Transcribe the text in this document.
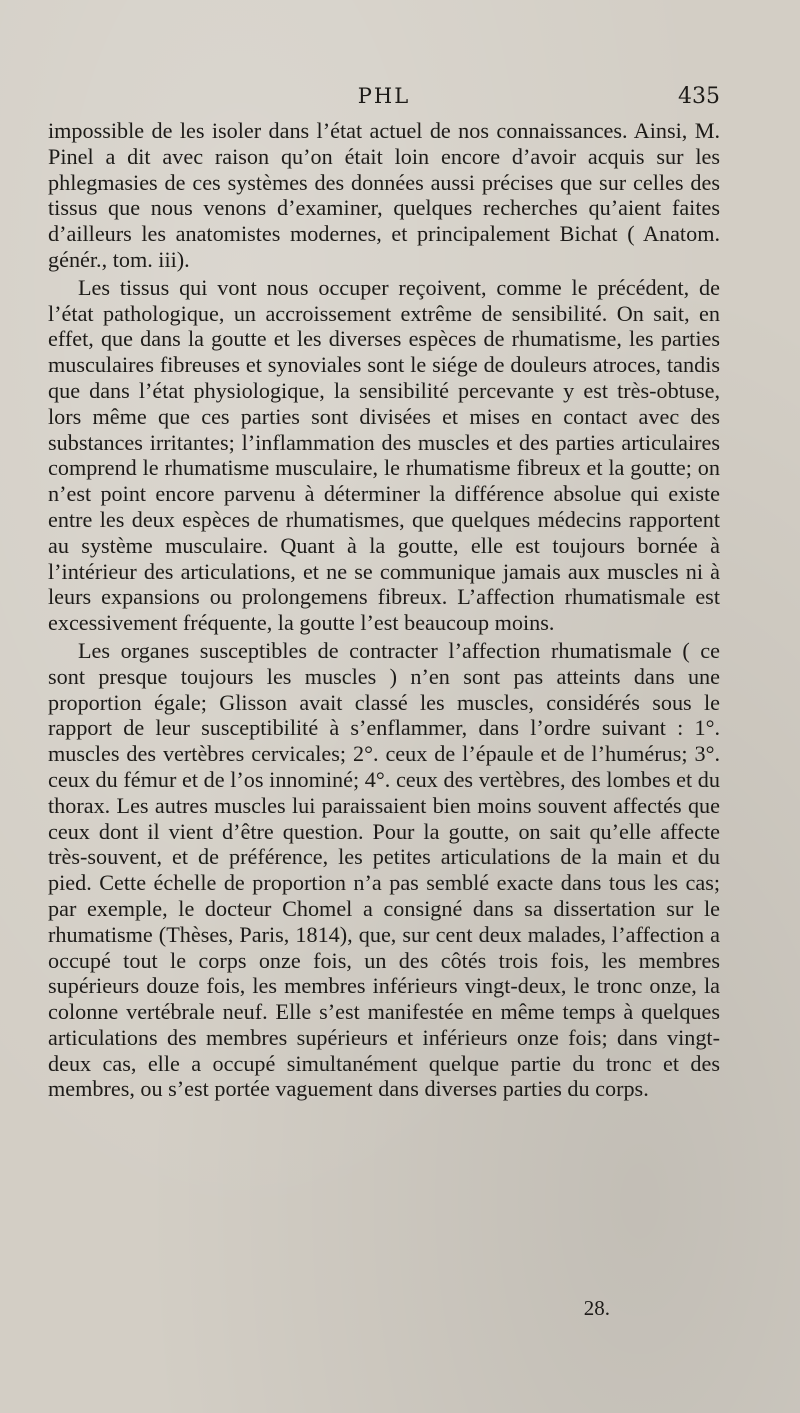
PHL	435

impossible de les isoler dans l’état actuel de nos connaissances. Ainsi, M. Pinel a dit avec raison qu’on était loin encore d’avoir acquis sur les phlegmasies de ces systèmes des données aussi précises que sur celles des tissus que nous venons d’examiner, quelques recherches qu’aient faites d’ailleurs les anatomistes modernes, et principalement Bichat ( Anatom. génér., tom. iii).

Les tissus qui vont nous occuper reçoivent, comme le précédent, de l’état pathologique, un accroissement extrême de sensibilité. On sait, en effet, que dans la goutte et les diverses espèces de rhumatisme, les parties musculaires fibreuses et synoviales sont le siége de douleurs atroces, tandis que dans l’état physiologique, la sensibilité percevante y est très-obtuse, lors même que ces parties sont divisées et mises en contact avec des substances irritantes; l’inflammation des muscles et des parties articulaires comprend le rhumatisme musculaire, le rhumatisme fibreux et la goutte; on n’est point encore parvenu à déterminer la différence absolue qui existe entre les deux espèces de rhumatismes, que quelques médecins rapportent au système musculaire. Quant à la goutte, elle est toujours bornée à l’intérieur des articulations, et ne se communique jamais aux muscles ni à leurs expansions ou prolongemens fibreux. L’affection rhumatismale est excessivement fréquente, la goutte l’est beaucoup moins.

Les organes susceptibles de contracter l’affection rhumatismale ( ce sont presque toujours les muscles ) n’en sont pas atteints dans une proportion égale; Glisson avait classé les muscles, considérés sous le rapport de leur susceptibilité à s’enflammer, dans l’ordre suivant : 1°. muscles des vertèbres cervicales; 2°. ceux de l’épaule et de l’humérus; 3°. ceux du fémur et de l’os innominé; 4°. ceux des vertèbres, des lombes et du thorax. Les autres muscles lui paraissaient bien moins souvent affectés que ceux dont il vient d’être question. Pour la goutte, on sait qu’elle affecte très-souvent, et de préférence, les petites articulations de la main et du pied. Cette échelle de proportion n’a pas semblé exacte dans tous les cas; par exemple, le docteur Chomel a consigné dans sa dissertation sur le rhumatisme (Thèses, Paris, 1814), que, sur cent deux malades, l’affection a occupé tout le corps onze fois, un des côtés trois fois, les membres supérieurs douze fois, les membres inférieurs vingt-deux, le tronc onze, la colonne vertébrale neuf. Elle s’est manifestée en même temps à quelques articulations des membres supérieurs et inférieurs onze fois; dans vingt-deux cas, elle a occupé simultanément quelque partie du tronc et des membres, ou s’est portée vaguement dans diverses parties du corps.

28.
